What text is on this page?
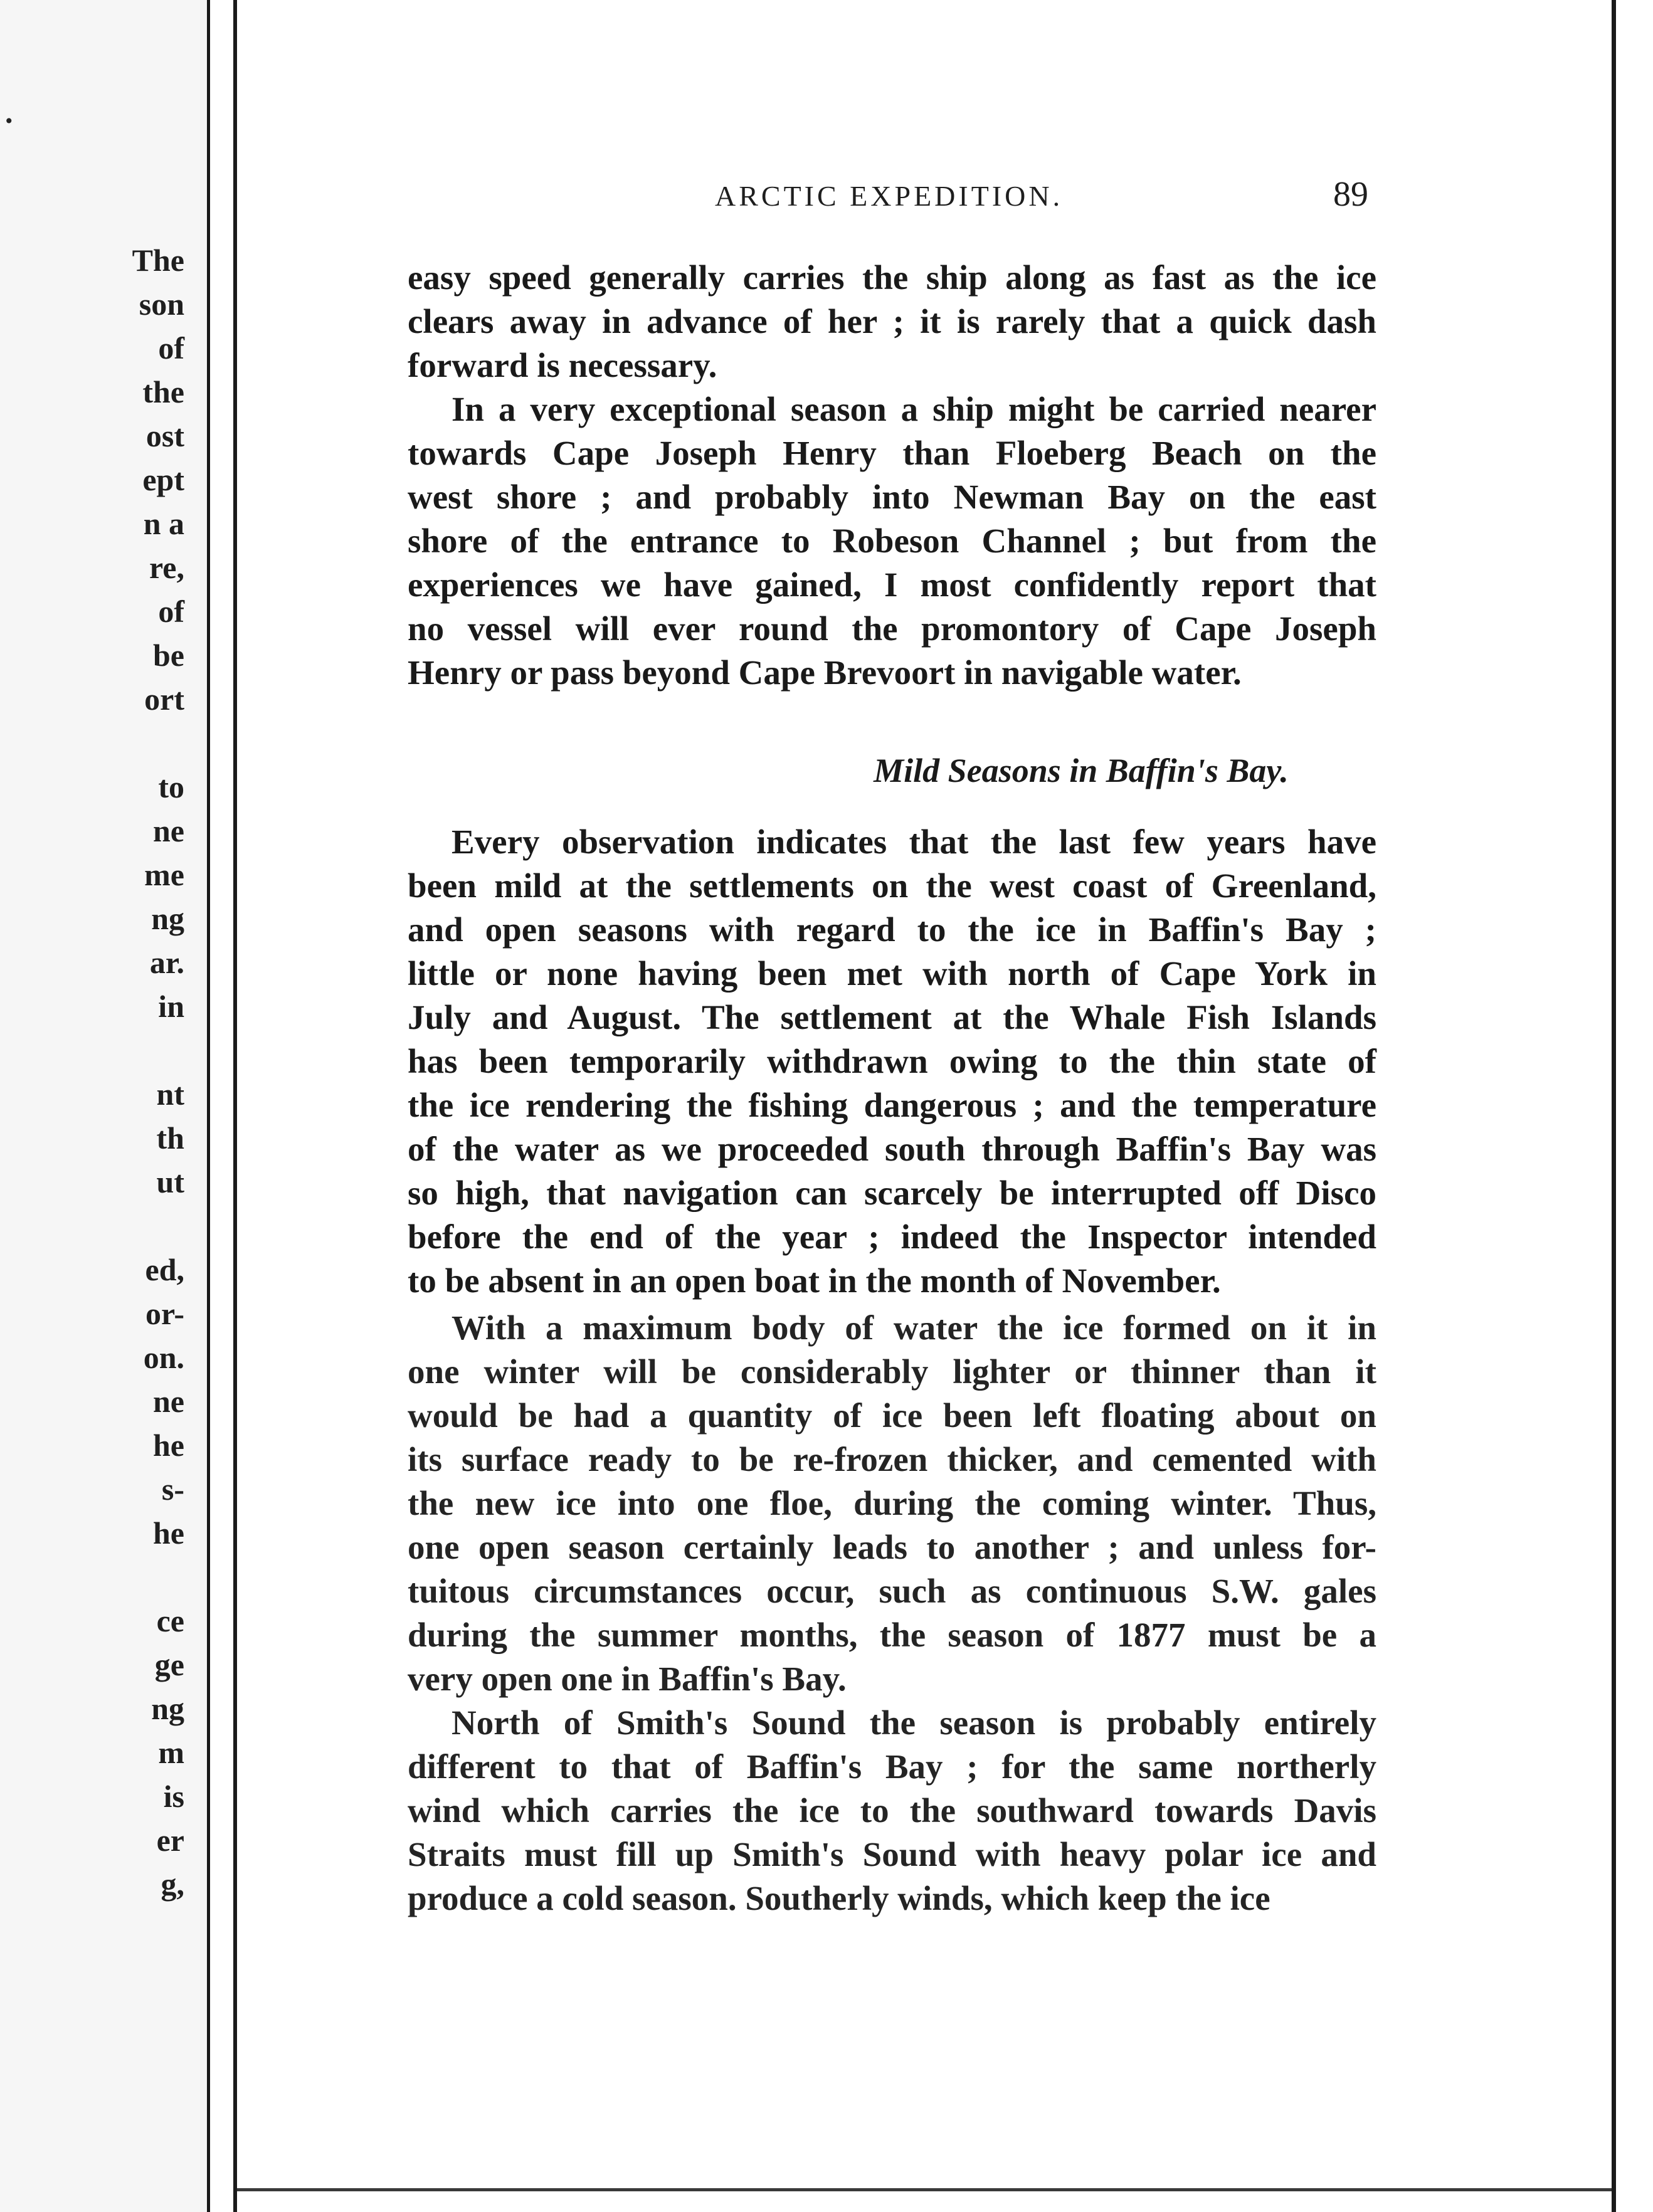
.
The
son
of
the
ost
ept
n a
re,
of
be
ort
to
ne
me
ng
ar.
in
nt
th
ut
ed,
or-
on.
ne
he
s-
he
ce
ge
ng
m
is
er
g,
ARCTIC EXPEDITION.	89
easy speed generally carries the ship along as fast as the ice
clears away in advance of her ; it is rarely that a quick dash
forward is necessary.
In a very exceptional season a ship might be carried nearer
towards Cape Joseph Henry than Floeberg Beach on the
west shore ; and probably into Newman Bay on the east
shore of the entrance to Robeson Channel ; but from the
experiences we have gained, I most confidently report that
no vessel will ever round the promontory of Cape Joseph
Henry or pass beyond Cape Brevoort in navigable water.
Mild Seasons in Baffin's Bay.
Every observation indicates that the last few years have
been mild at the settlements on the west coast of Greenland,
and open seasons with regard to the ice in Baffin's Bay ;
little or none having been met with north of Cape York in
July and August. The settlement at the Whale Fish Islands
has been temporarily withdrawn owing to the thin state of
the ice rendering the fishing dangerous ; and the temperature
of the water as we proceeded south through Baffin's Bay was
so high, that navigation can scarcely be interrupted off Disco
before the end of the year ; indeed the Inspector intended
to be absent in an open boat in the month of November.
With a maximum body of water the ice formed on it in
one winter will be considerably lighter or thinner than it
would be had a quantity of ice been left floating about on
its surface ready to be re-frozen thicker, and cemented with
the new ice into one floe, during the coming winter. Thus,
one open season certainly leads to another ; and unless for-
tuitous circumstances occur, such as continuous S.W. gales
during the summer months, the season of 1877 must be a
very open one in Baffin's Bay.
North of Smith's Sound the season is probably entirely
different to that of Baffin's Bay ; for the same northerly
wind which carries the ice to the southward towards Davis
Straits must fill up Smith's Sound with heavy polar ice and
produce a cold season. Southerly winds, which keep the ice
